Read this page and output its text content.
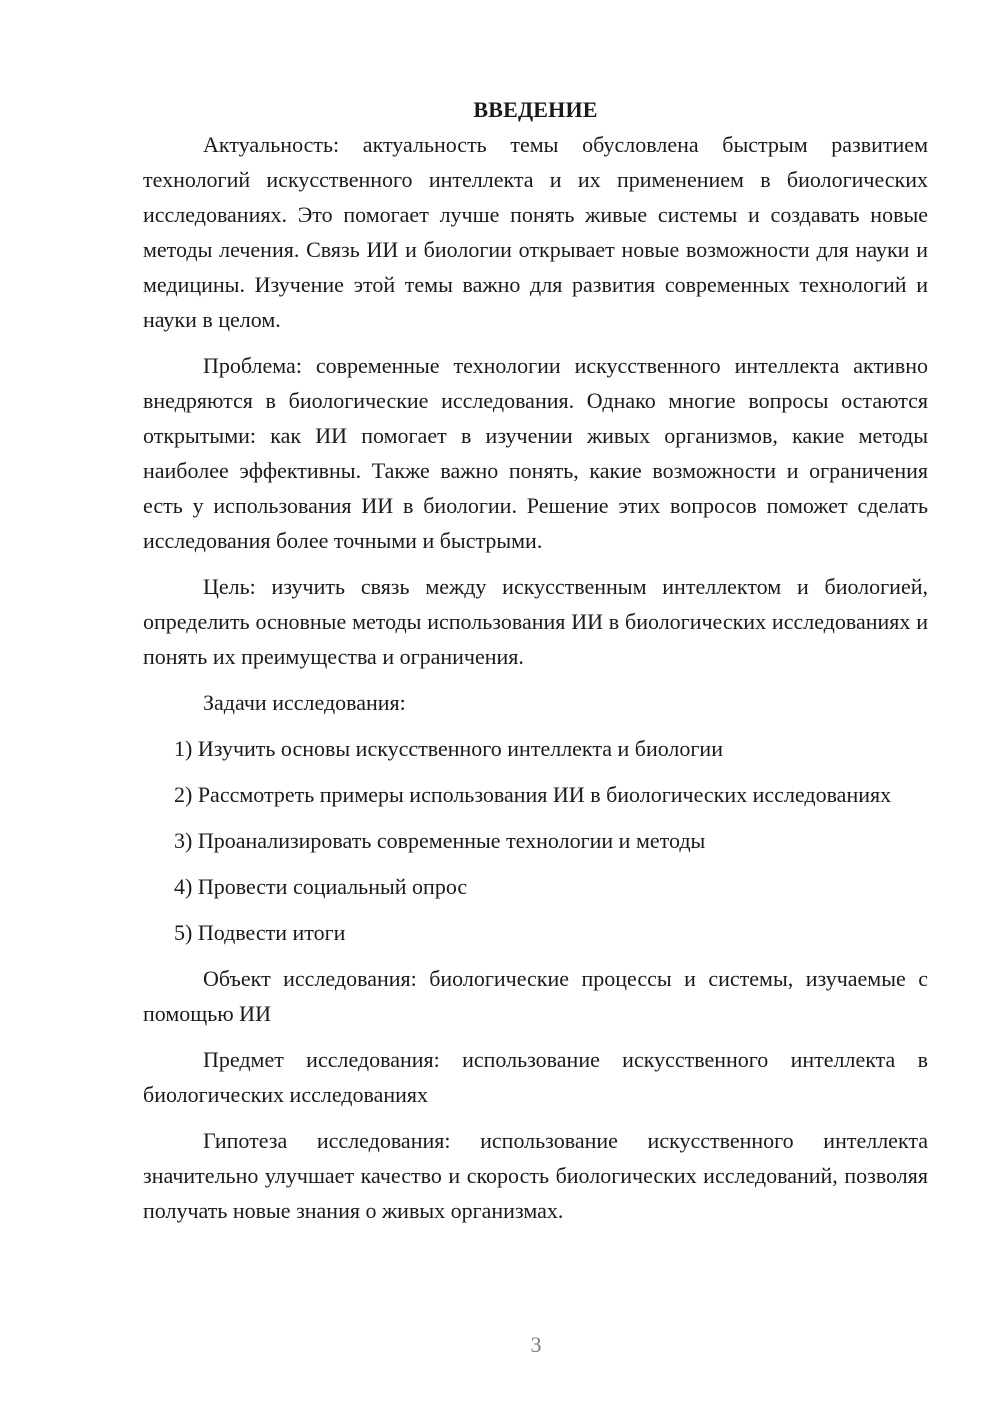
ВВЕДЕНИЕ

Актуальность: актуальность темы обусловлена быстрым развитием технологий искусственного интеллекта и их применением в биологических исследованиях. Это помогает лучше понять живые системы и создавать новые методы лечения. Связь ИИ и биологии открывает новые возможности для науки и медицины. Изучение этой темы важно для развития современных технологий и науки в целом.

Проблема: современные технологии искусственного интеллекта активно внедряются в биологические исследования. Однако многие вопросы остаются открытыми: как ИИ помогает в изучении живых организмов, какие методы наиболее эффективны. Также важно понять, какие возможности и ограничения есть у использования ИИ в биологии. Решение этих вопросов поможет сделать исследования более точными и быстрыми.

Цель: изучить связь между искусственным интеллектом и биологией, определить основные методы использования ИИ в биологических исследованиях и понять их преимущества и ограничения.

Задачи исследования:

1) Изучить основы искусственного интеллекта и биологии

2) Рассмотреть примеры использования ИИ в биологических исследованиях

3) Проанализировать современные технологии и методы

4) Провести социальный опрос

5) Подвести итоги

Объект исследования: биологические процессы и системы, изучаемые с помощью ИИ

Предмет исследования: использование искусственного интеллекта в биологических исследованиях

Гипотеза исследования: использование искусственного интеллекта значительно улучшает качество и скорость биологических исследований, позволяя получать новые знания о живых организмах.

3
